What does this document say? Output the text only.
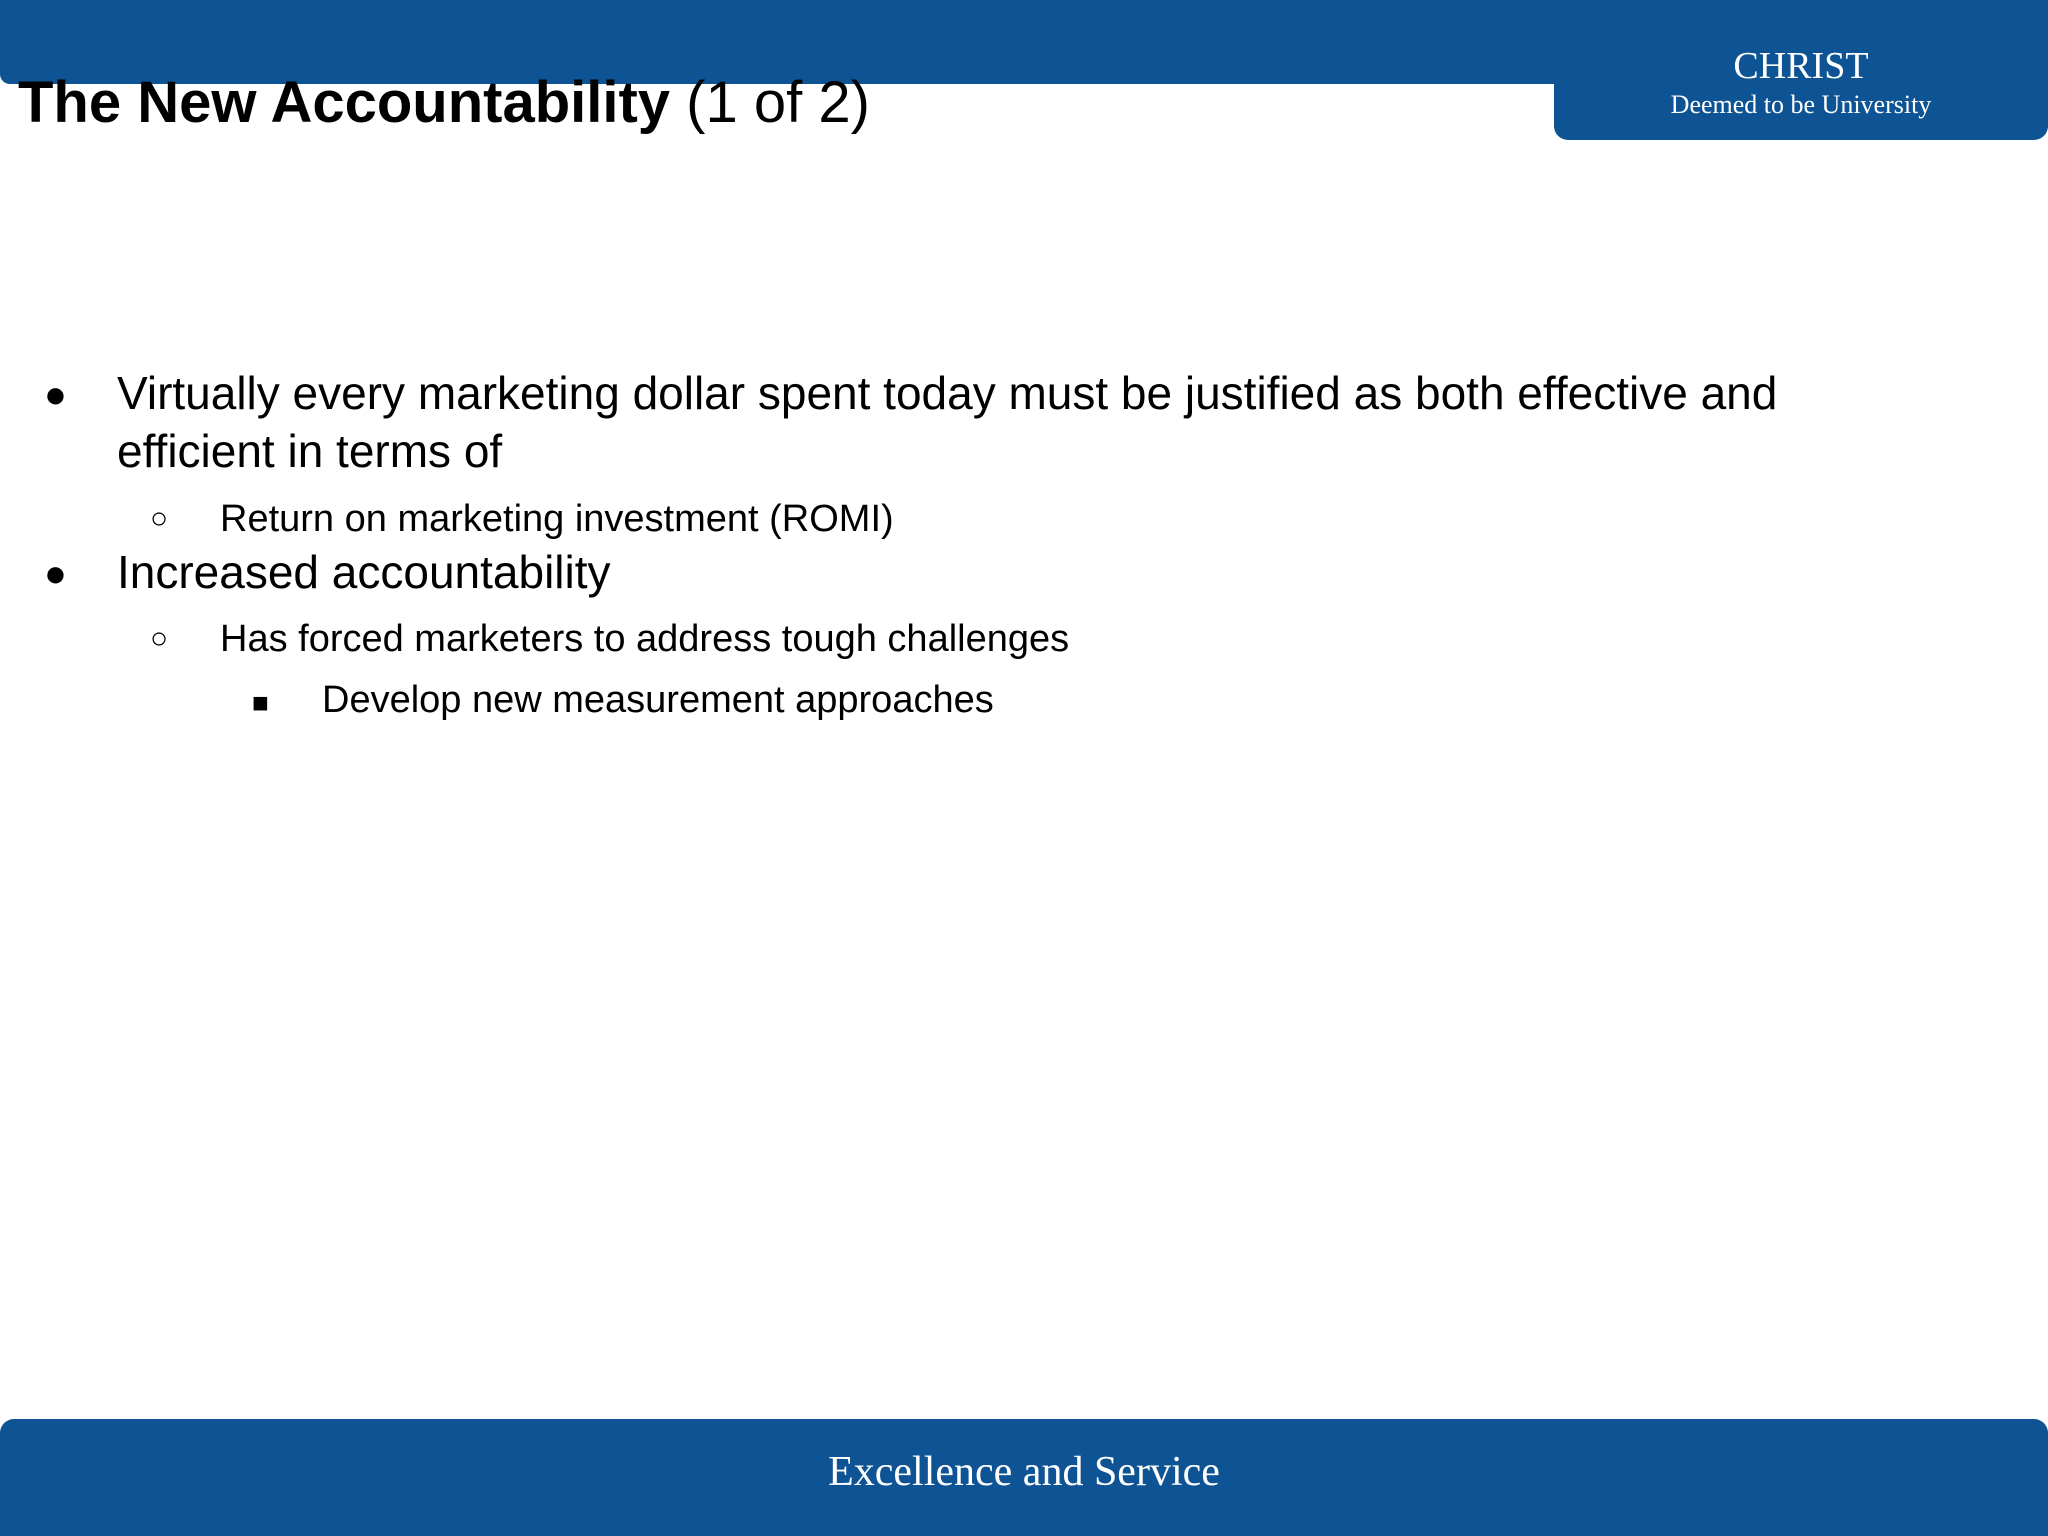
CHRIST
Deemed to be University
The New Accountability (1 of 2)
● Virtually every marketing dollar spent today must be justified as both effective and efficient in terms of
○ Return on marketing investment (ROMI)
● Increased accountability
○ Has forced marketers to address tough challenges
■ Develop new measurement approaches
Excellence and Service
